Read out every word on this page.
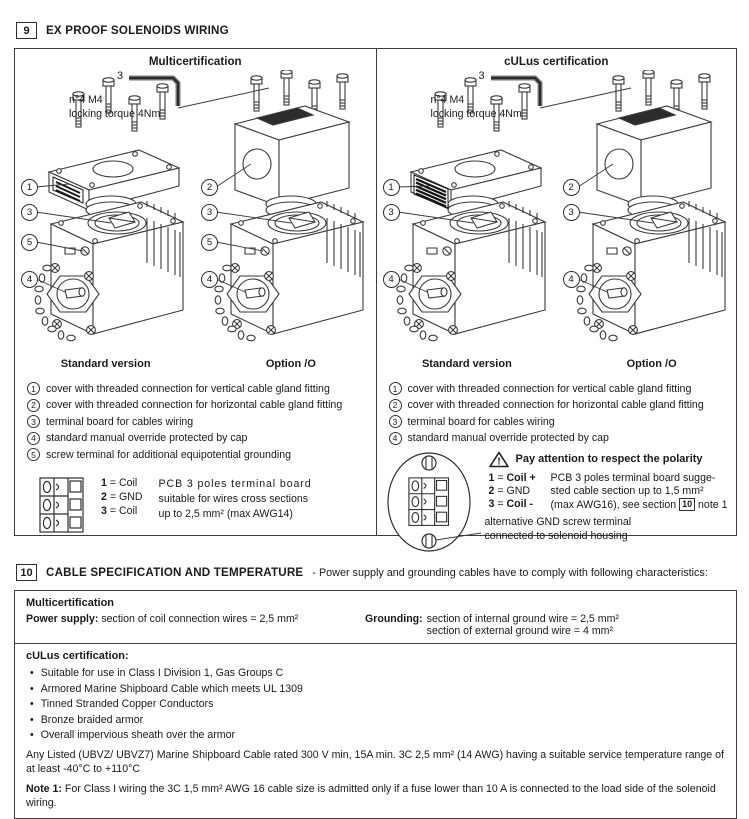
9	EX PROOF SOLENOIDS WIRING
Multicertification
3
n°4 M4
locking torque 4Nm
1
3
5
4
2
3
5
4
Standard version	Option /O
1 cover with threaded connection for vertical cable gland fitting
2 cover with threaded connection for horizontal cable gland fitting
3 terminal board for cables wiring
4 standard manual override protected by cap
5 screw terminal for additional equipotential grounding
1 = Coil
2 = GND
3 = Coil
PCB 3 poles terminal board
suitable for wires cross sections
up to 2,5 mm² (max AWG14)
cULus certification
3
n°4 M4
locking torque 4Nm
1
3
4
2
3
4
Standard version	Option /O
1 cover with threaded connection for vertical cable gland fitting
2 cover with threaded connection for horizontal cable gland fitting
3 terminal board for cables wiring
4 standard manual override protected by cap
! Pay attention to respect the polarity
1 = Coil +	PCB 3 poles terminal board sugge-
2 = GND	sted cable section up to 1,5 mm²
3 = Coil -	(max AWG16), see section 10 note 1
alternative GND screw terminal
connected to solenoid housing
10	CABLE SPECIFICATION AND TEMPERATURE - Power supply and grounding cables have to comply with following characteristics:
Multicertification
Power supply: section of coil connection wires = 2,5 mm²	Grounding: section of internal ground wire = 2,5 mm²
section of external ground wire = 4 mm²
cULus certification:
• Suitable for use in Class I Division 1, Gas Groups C
• Armored Marine Shipboard Cable which meets UL 1309
• Tinned Stranded Copper Conductors
• Bronze braided armor
• Overall impervious sheath over the armor

Any Listed (UBVZ/ UBVZ7) Marine Shipboard Cable rated 300 V min, 15A min. 3C 2,5 mm² (14 AWG) having a suitable service temperature range of at least -40°C to +110°C

Note 1: For Class I wiring the 3C 1,5 mm² AWG 16 cable size is admitted only if a fuse lower than 10 A is connected to the load side of the solenoid wiring.
